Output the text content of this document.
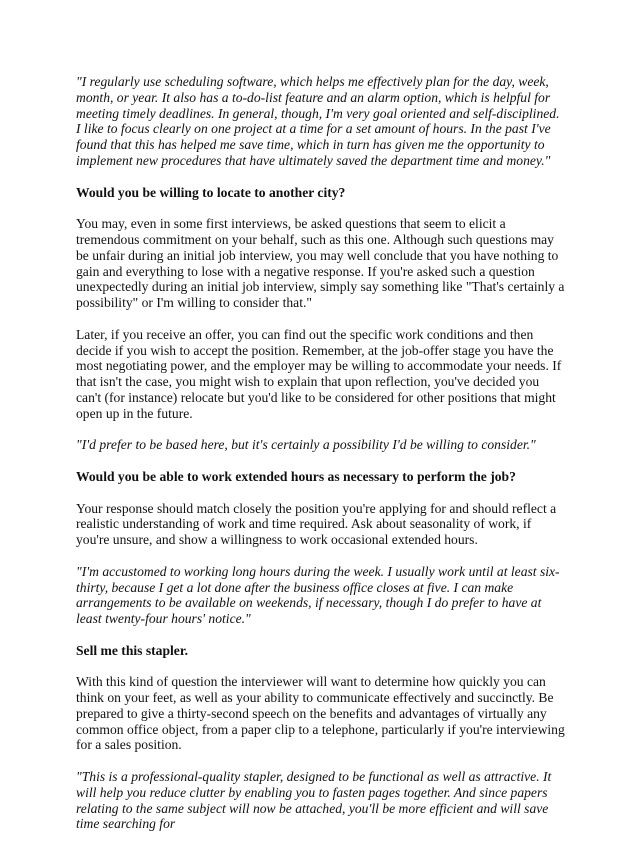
"I regularly use scheduling software, which helps me effectively plan for the day, week, month, or year. It also has a to-do-list feature and an alarm option, which is helpful for meeting timely deadlines. In general, though, I'm very goal oriented and self-disciplined. I like to focus clearly on one project at a time for a set amount of hours. In the past I've found that this has helped me save time, which in turn has given me the opportunity to implement new procedures that have ultimately saved the department time and money."

Would you be willing to locate to another city?

You may, even in some first interviews, be asked questions that seem to elicit a tremendous commitment on your behalf, such as this one. Although such questions may be unfair during an initial job interview, you may well conclude that you have nothing to gain and everything to lose with a negative response. If you're asked such a question unexpectedly during an initial job interview, simply say something like "That's certainly a possibility" or I'm willing to consider that."

Later, if you receive an offer, you can find out the specific work conditions and then decide if you wish to accept the position. Remember, at the job-offer stage you have the most negotiating power, and the employer may be willing to accommodate your needs. If that isn't the case, you might wish to explain that upon reflection, you've decided you can't (for instance) relocate but you'd like to be considered for other positions that might open up in the future.

"I'd prefer to be based here, but it's certainly a possibility I'd be willing to consider."

Would you be able to work extended hours as necessary to perform the job?

Your response should match closely the position you're applying for and should reflect a realistic understanding of work and time required. Ask about seasonality of work, if you're unsure, and show a willingness to work occasional extended hours.

"I'm accustomed to working long hours during the week. I usually work until at least six-thirty, because I get a lot done after the business office closes at five. I can make arrangements to be available on weekends, if necessary, though I do prefer to have at least twenty-four hours' notice."

Sell me this stapler.

With this kind of question the interviewer will want to determine how quickly you can think on your feet, as well as your ability to communicate effectively and succinctly. Be prepared to give a thirty-second speech on the benefits and advantages of virtually any common office object, from a paper clip to a telephone, particularly if you're interviewing for a sales position.

"This is a professional-quality stapler, designed to be functional as well as attractive. It will help you reduce clutter by enabling you to fasten pages together. And since papers relating to the same subject will now be attached, you'll be more efficient and will save time searching for
